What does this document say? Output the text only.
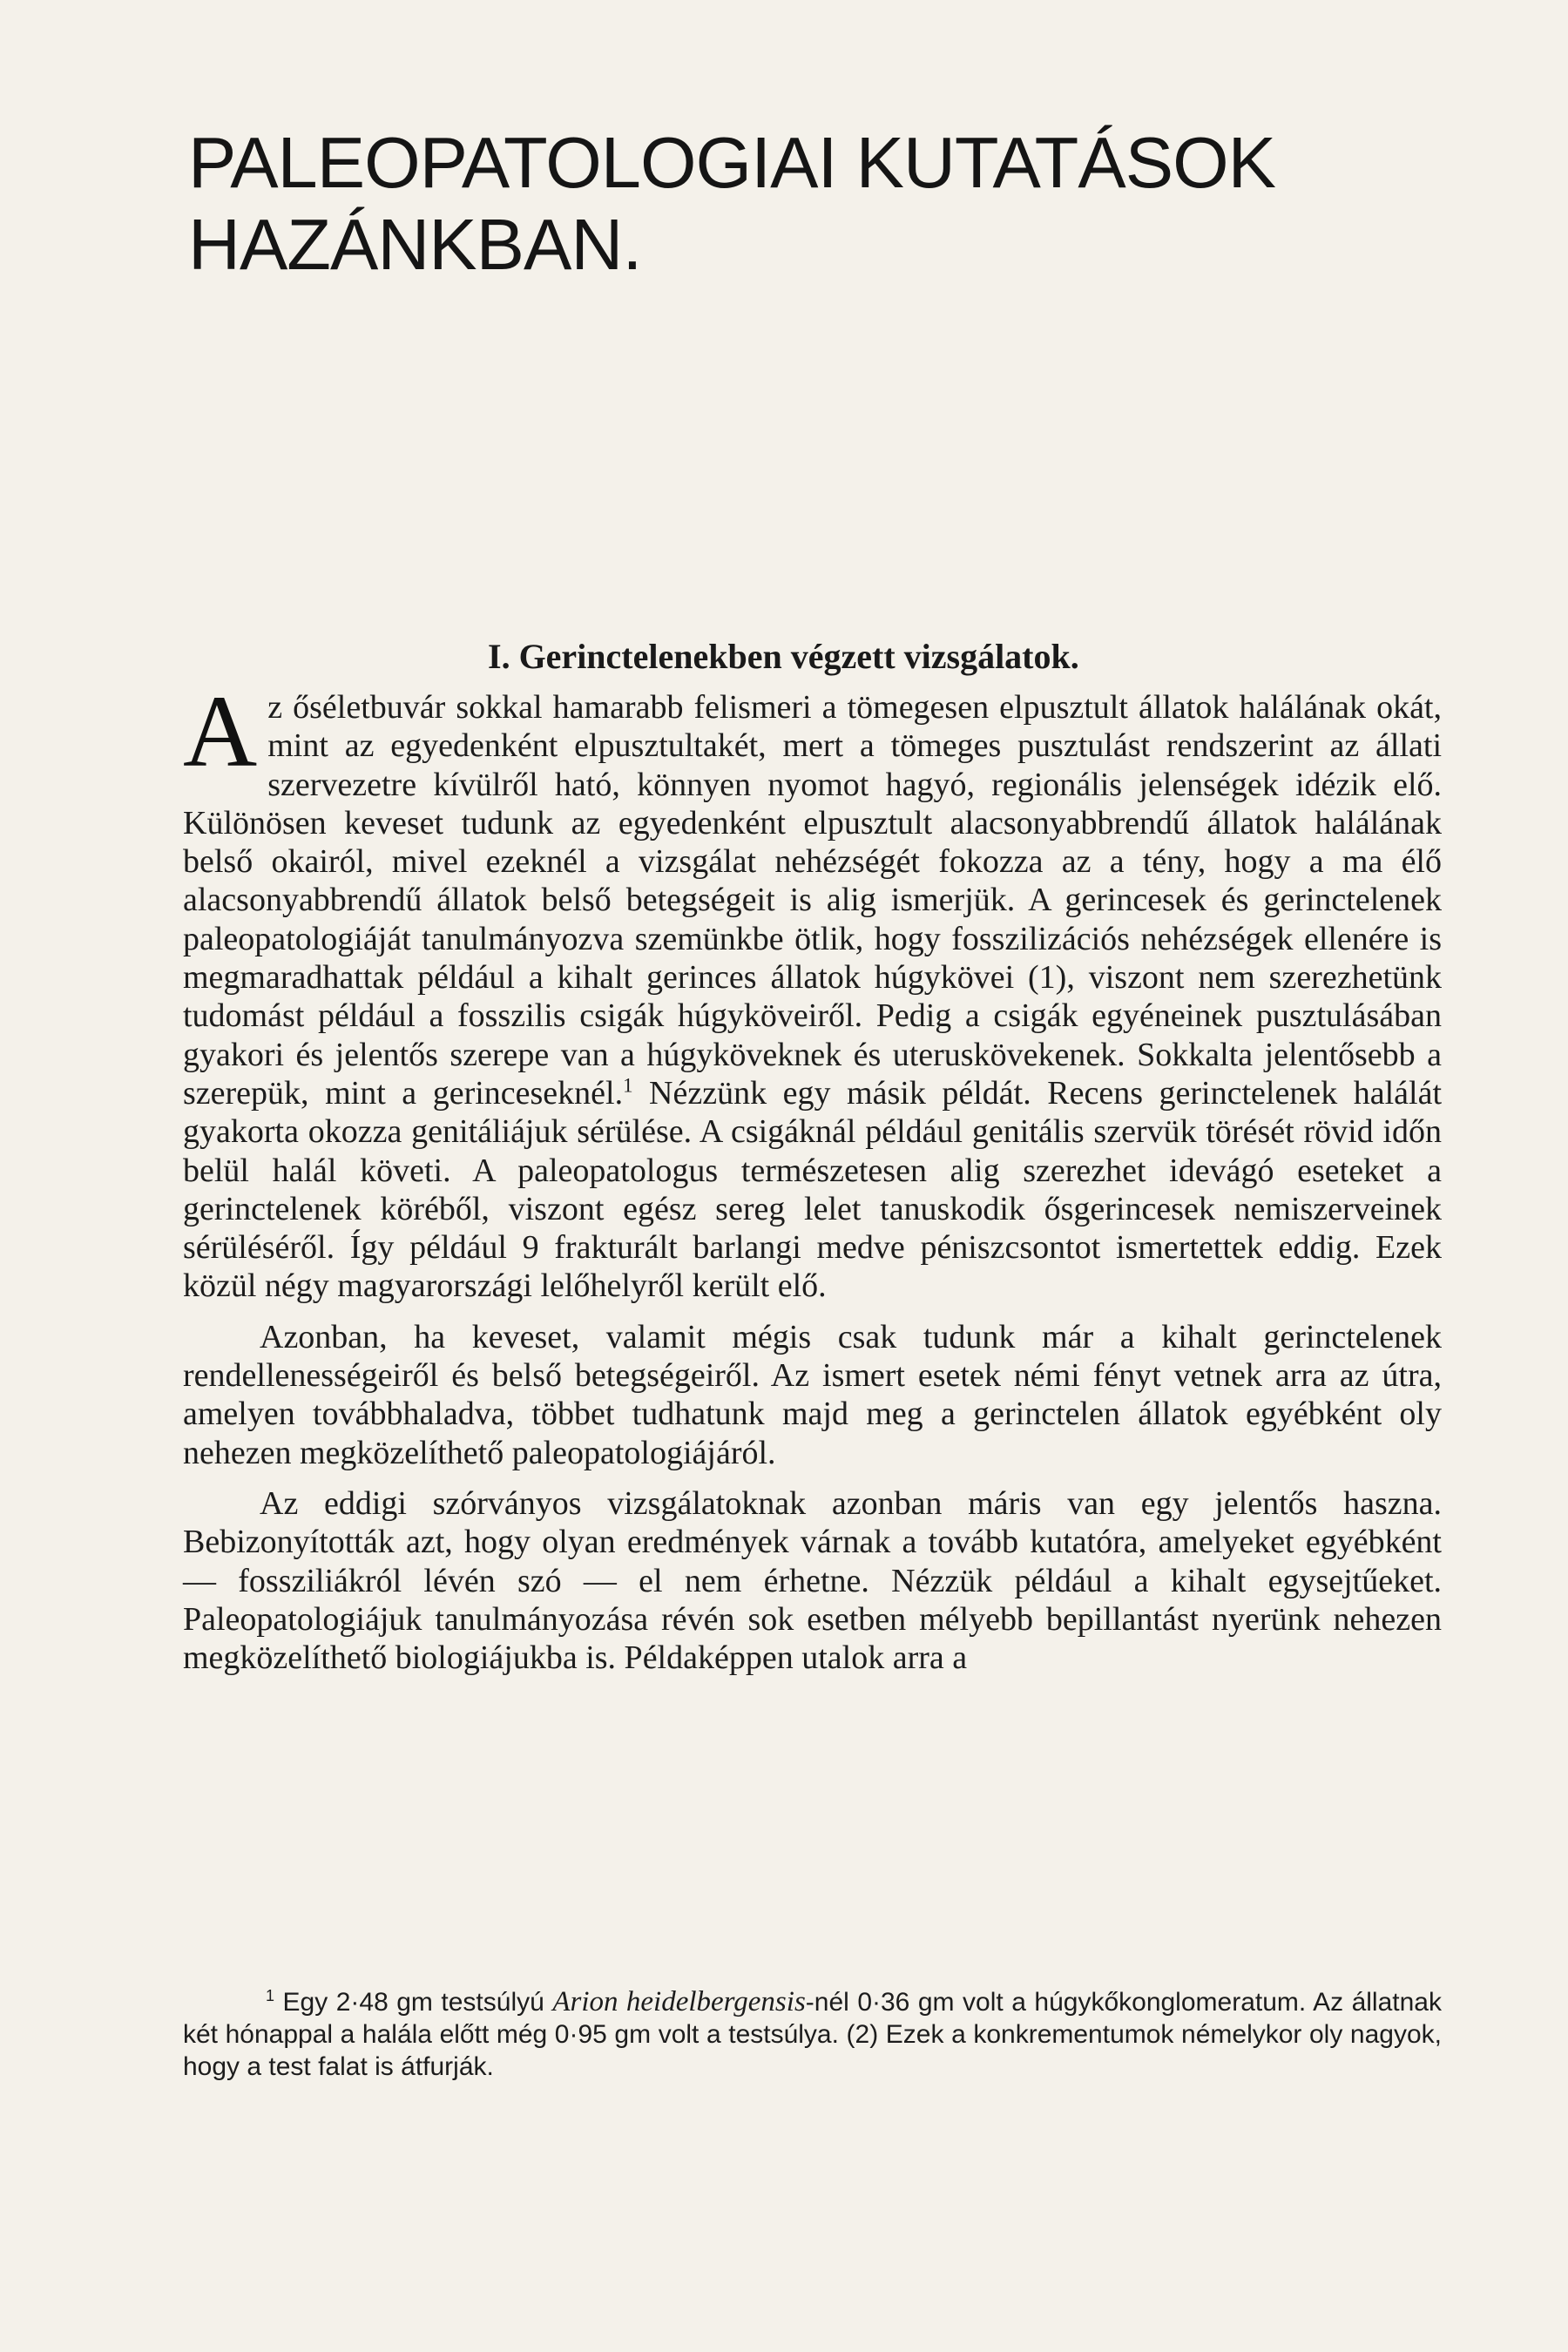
PALEOPATOLOGIAI KUTATÁSOK
HAZÁNKBAN.
I. Gerinctelenekben végzett vizsgálatok.

Az őséletbuvár sokkal hamarabb felismeri a tömegesen elpusztult állatok halálának okát, mint az egyedenként elpusztultakét, mert a tömeges pusztulást rendszerint az állati szervezetre kívülről ható, könnyen nyomot hagyó, regionális jelenségek idézik elő. Különösen keveset tudunk az egyedenként elpusztult alacsonyabbrendű állatok halálának belső okairól, mivel ezeknél a vizsgálat nehézségét fokozza az a tény, hogy a ma élő alacsonyabbrendű állatok belső betegségeit is alig ismerjük. A gerincesek és gerinctelenek paleopatologiáját tanulmányozva szemünkbe ötlik, hogy fosszilizációs nehézségek ellenére is megmaradhattak például a kihalt gerinces állatok húgykövei (1), viszont nem szerezhetünk tudomást például a fosszilis csigák húgyköveiről. Pedig a csigák egyéneinek pusztulásában gyakori és jelentős szerepe van a húgyköveknek és uteruskövekenek. Sokkalta jelentősebb a szerepük, mint a gerinceseknél.$^1$ Nézzünk egy másik példát. Recens gerinctelenek halálát gyakorta okozza genitáliájuk sérülése. A csigáknál például genitális szervük törését rövid időn belül halál követi. A paleopatologus természetesen alig szerezhet idevágó eseteket a gerinctelenek köréből, viszont egész sereg lelet tanuskodik ősgerincesek nemiszerveinek sérüléséről. Így például 9 frakturált barlangi medve péniszcsontot ismertettek eddig. Ezek közül négy magyarországi lelőhelyről került elő.

Azonban, ha keveset, valamit mégis csak tudunk már a kihalt gerinctelenek rendellenességeiről és belső betegségeiről. Az ismert esetek némi fényt vetnek arra az útra, amelyen továbbhaladva, többet tudhatunk majd meg a gerinctelen állatok egyébként oly nehezen megközelíthető paleopatologiájáról.

Az eddigi szórványos vizsgálatoknak azonban máris van egy jelentős haszna. Bebizonyították azt, hogy olyan eredmények várnak a tovább kutatóra, amelyeket egyébként — fossziliákról lévén szó — el nem érhetne. Nézzük például a kihalt egysejtűeket. Paleopatologiájuk tanulmányozása révén sok esetben mélyebb bepillantást nyerünk nehezen megközelíthető biologiájukba is. Példaképpen utalok arra a

$^1$ Egy 2·48 gm testsúlyú Arion heidelbergensis-nél 0·36 gm volt a húgykőkonglomeratum. Az állatnak két hónappal a halála előtt még 0·95 gm volt a testsúlya. (2) Ezek a konkrementumok némelykor oly nagyok, hogy a test falat is átfurják.
